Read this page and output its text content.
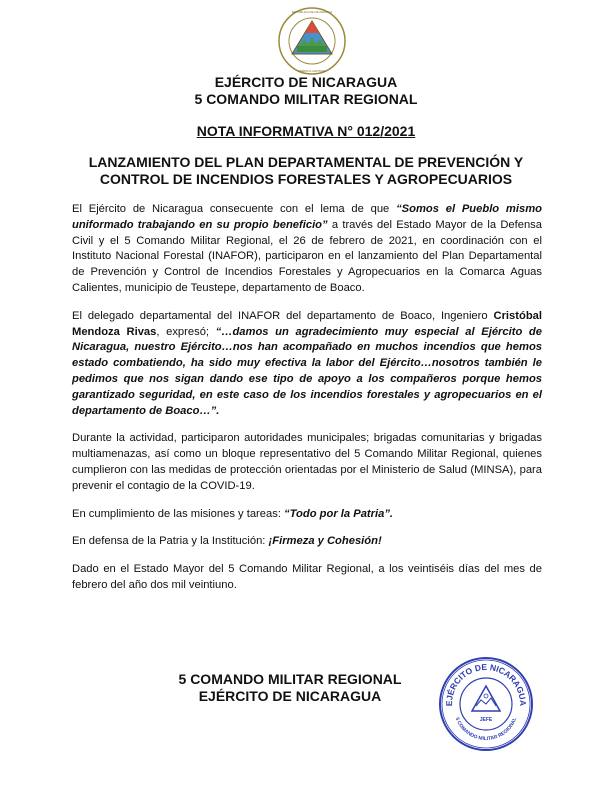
REPÚBLICA DE NICARAGUA
AMÉRICA CENTRAL
EJÉRCITO DE NICARAGUA
5 COMANDO MILITAR REGIONAL
NOTA INFORMATIVA N° 012/2021
LANZAMIENTO DEL PLAN DEPARTAMENTAL DE PREVENCIÓN Y
CONTROL DE INCENDIOS FORESTALES Y AGROPECUARIOS

El Ejército de Nicaragua consecuente con el lema de que “Somos el Pueblo mismo uniformado trabajando en su propio beneficio” a través del Estado Mayor de la Defensa Civil y el 5 Comando Militar Regional, el 26 de febrero de 2021, en coordinación con el Instituto Nacional Forestal (INAFOR), participaron en el lanzamiento del Plan Departamental de Prevención y Control de Incendios Forestales y Agropecuarios en la Comarca Aguas Calientes, municipio de Teustepe, departamento de Boaco.

El delegado departamental del INAFOR del departamento de Boaco, Ingeniero Cristóbal Mendoza Rivas, expresó; “…damos un agradecimiento muy especial al Ejército de Nicaragua, nuestro Ejército…nos han acompañado en muchos incendios que hemos estado combatiendo, ha sido muy efectiva la labor del Ejército…nosotros también le pedimos que nos sigan dando ese tipo de apoyo a los compañeros porque hemos garantizado seguridad, en este caso de los incendios forestales y agropecuarios en el departamento de Boaco…”.

Durante la actividad, participaron autoridades municipales; brigadas comunitarias y brigadas multiamenazas, así como un bloque representativo del 5 Comando Militar Regional, quienes cumplieron con las medidas de protección orientadas por el Ministerio de Salud (MINSA), para prevenir el contagio de la COVID-19.

En cumplimiento de las misiones y tareas: “Todo por la Patria”.

En defensa de la Patria y la Institución: ¡Firmeza y Cohesión!

Dado en el Estado Mayor del 5 Comando Militar Regional, a los veintiséis días del mes de febrero del año dos mil veintiuno.

5 COMANDO MILITAR REGIONAL
EJÉRCITO DE NICARAGUA	EJÉRCITO DE NICARAGUA
5 COMANDO MILITAR REGIONAL
JEFE
